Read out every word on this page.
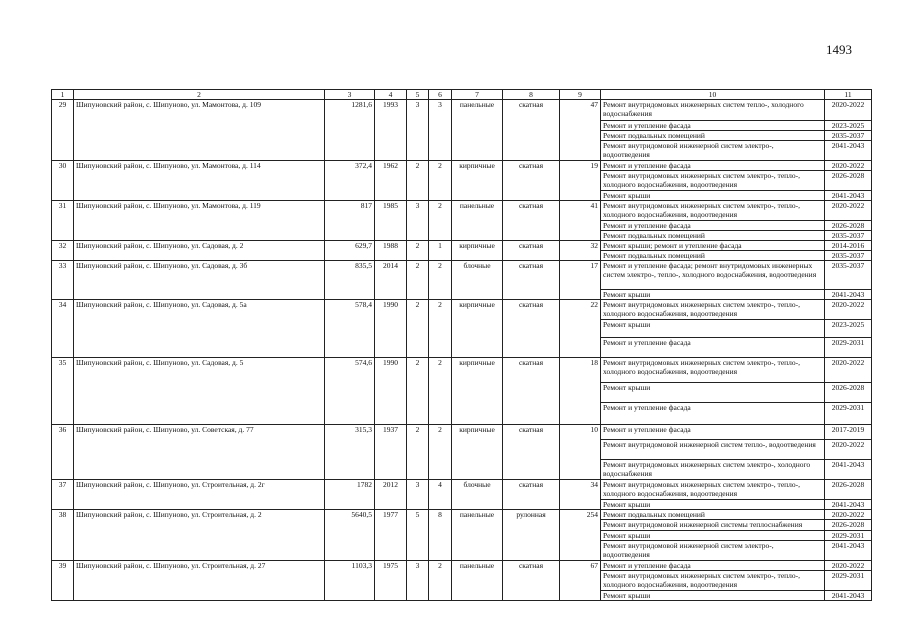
1493
1	2	3	4	5	6	7	8	9	10	11
29	Шипуновский район, с. Шипуново, ул. Мамонтова, д. 109	1281,6	1993	3	3	панельные	скатная	47	Ремонт внутридомовых инженерных систем тепло-, холодного водоснабжения	2020-2022
									Ремонт и утепление фасада	2023-2025
									Ремонт подвальных помещений	2035-2037
									Ремонт внутридомовой инженерной систем электро-, водоотведения	2041-2043
30	Шипуновский район, с. Шипуново, ул. Мамонтова, д. 114	372,4	1962	2	2	кирпичные	скатная	19	Ремонт и утепление фасада	2020-2022
									Ремонт внутридомовых инженерных систем электро-, тепло-, холодного водоснабжения, водоотведения	2026-2028
									Ремонт крыши	2041-2043
31	Шипуновский район, с. Шипуново, ул. Мамонтова, д. 119	817	1985	3	2	панельные	скатная	41	Ремонт внутридомовых инженерных систем электро-, тепло-, холодного водоснабжения, водоотведения	2020-2022
									Ремонт и утепление фасада	2026-2028
									Ремонт подвальных помещений	2035-2037
32	Шипуновский район, с. Шипуново, ул. Садовая, д. 2	629,7	1988	2	1	кирпичные	скатная	32	Ремонт крыши; ремонт и утепление фасада	2014-2016
									Ремонт подвальных помещений	2035-2037
33	Шипуновский район, с. Шипуново, ул. Садовая, д. 3б	835,5	2014	2	2	блочные	скатная	17	Ремонт и утепление фасада; ремонт внутридомовых инженерных систем электро-, тепло-, холодного водоснабжения, водоотведения	2035-2037
									Ремонт крыши	2041-2043
34	Шипуновский район, с. Шипуново, ул. Садовая, д. 5а	578,4	1990	2	2	кирпичные	скатная	22	Ремонт внутридомовых инженерных систем электро-, тепло-, холодного водоснабжения, водоотведения	2020-2022
									Ремонт крыши	2023-2025
									Ремонт и утепление фасада	2029-2031
35	Шипуновский район, с. Шипуново, ул. Садовая, д. 5	574,6	1990	2	2	кирпичные	скатная	18	Ремонт внутридомовых инженерных систем электро-, тепло-, холодного водоснабжения, водоотведения	2020-2022
									Ремонт крыши	2026-2028
									Ремонт и утепление фасада	2029-2031
36	Шипуновский район, с. Шипуново, ул. Советская, д. 77	315,3	1937	2	2	кирпичные	скатная	10	Ремонт и утепление фасада	2017-2019
									Ремонт внутридомовой инженерной систем тепло-, водоотведения	2020-2022
									Ремонт внутридомовых инженерных систем электро-, холодного водоснабжения	2041-2043
37	Шипуновский район, с. Шипуново, ул. Строительная, д. 2г	1782	2012	3	4	блочные	скатная	34	Ремонт внутридомовых инженерных систем электро-, тепло-, холодного водоснабжения, водоотведения	2026-2028
									Ремонт крыши	2041-2043
38	Шипуновский район, с. Шипуново, ул. Строительная, д. 2	5640,5	1977	5	8	панельные	рулонная	254	Ремонт подвальных помещений	2020-2022
									Ремонт внутридомовой инженерной системы теплоснабжения	2026-2028
									Ремонт крыши	2029-2031
									Ремонт внутридомовой инженерной систем электро-, водоотведения	2041-2043
39	Шипуновский район, с. Шипуново, ул. Строительная, д. 27	1103,3	1975	3	2	панельные	скатная	67	Ремонт и утепление фасада	2020-2022
									Ремонт внутридомовых инженерных систем электро-, тепло-, холодного водоснабжения, водоотведения	2029-2031
									Ремонт крыши	2041-2043
